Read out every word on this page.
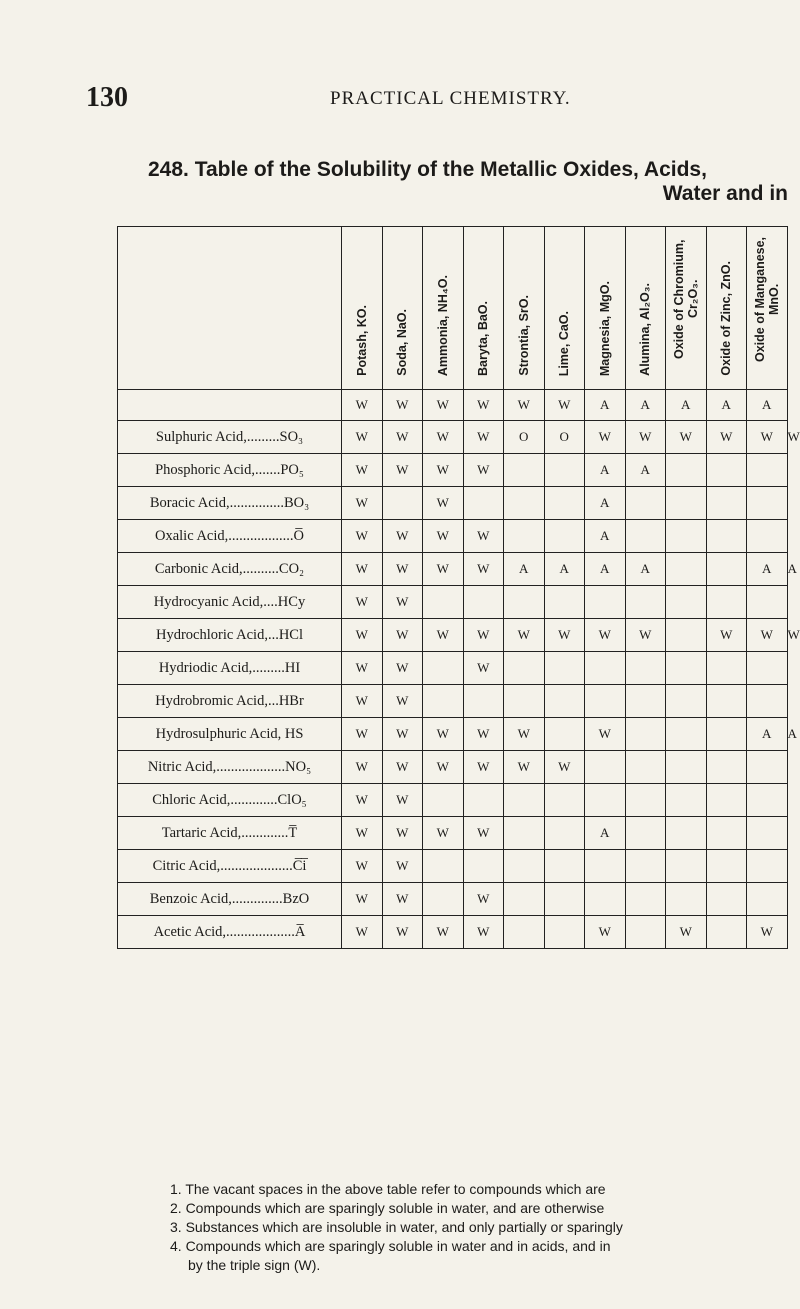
130	PRACTICAL CHEMISTRY.
248. Table of the Solubility of the Metallic Oxides, Acids,
Water and in
	Potash, KO.	Soda, NaO.	Ammonia, NH₄O.	Baryta, BaO.	Strontia, SrO.	Lime, CaO.	Magnesia, MgO.	Alumina, Al₂O₃.	Oxide of Chromium, Cr₂O₃.	Oxide of Zinc, ZnO.	Oxide of Manganese, MnO.	
	W	W	W	W	W	W	A	A	A	A	A	
Sulphuric Acid,.........SO₃	W	W	W	W	O	O	W	W	W	W	W	W
Phosphoric Acid,.......PO₅	W	W	W	W			A	A				
Boracic Acid,...............BO₃	W		W				A					
Oxalic Acid,..................O̅	W	W	W	W			A					
Carbonic Acid,..........CO₂	W	W	W	W	A	A	A	A			A	A
Hydrocyanic Acid,....HCy	W	W										
Hydrochloric Acid,...HCl	W	W	W	W	W	W	W	W		W	W	W
Hydriodic Acid,.........HI	W	W		W								
Hydrobromic Acid,...HBr	W	W										
Hydrosulphuric Acid, HS	W	W	W	W	W		W				A	A
Nitric Acid,...................NO₅	W	W	W	W	W	W						
Chloric Acid,.............ClO₅	W	W										
Tartaric Acid,.............T̅	W	W	W	W			A					
Citric Acid,....................C̅i̅	W	W										
Benzoic Acid,..............BzO	W	W		W								
Acetic Acid,...................A̅	W	W	W	W			W		W		W	
1. The vacant spaces in the above table refer to compounds which are
2. Compounds which are sparingly soluble in water, and are otherwise
3. Substances which are insoluble in water, and only partially or sparingly
4. Compounds which are sparingly soluble in water and in acids, and in
by the triple sign (W).
